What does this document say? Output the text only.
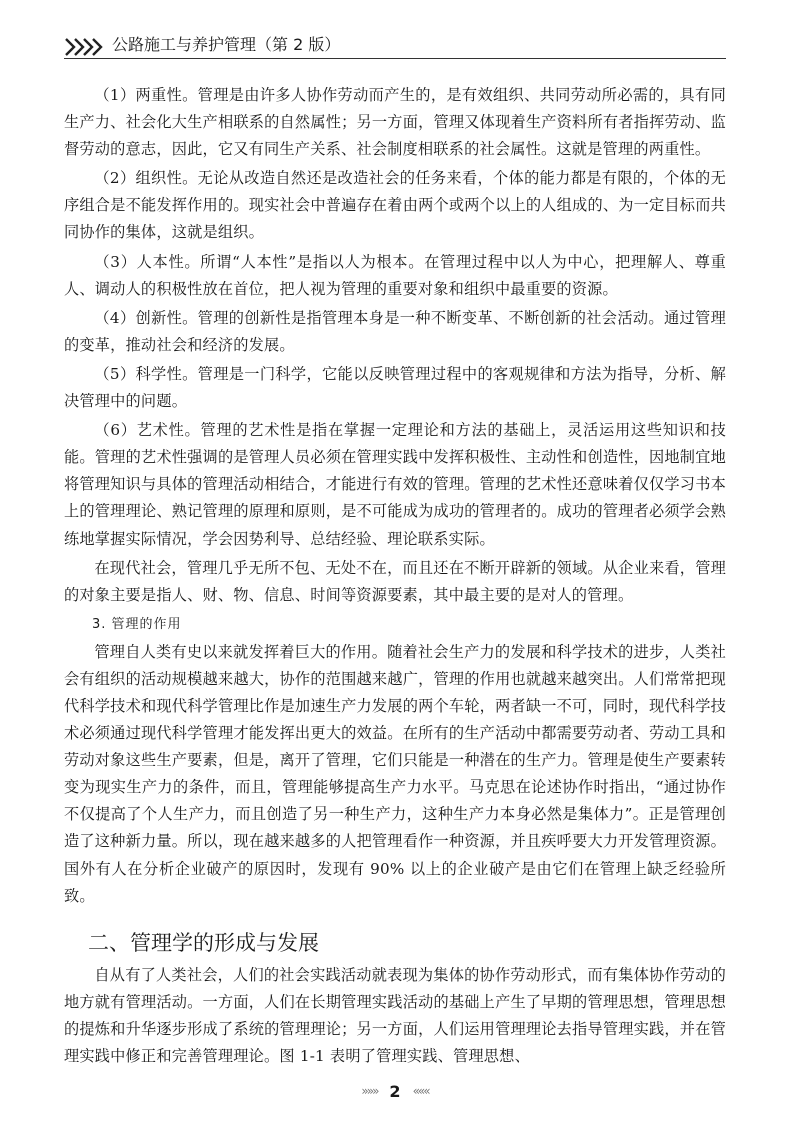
公路施工与养护管理（第 2 版）

（1）两重性。管理是由许多人协作劳动而产生的，是有效组织、共同劳动所必需的，具有同生产力、社会化大生产相联系的自然属性；另一方面，管理又体现着生产资料所有者指挥劳动、监督劳动的意志，因此，它又有同生产关系、社会制度相联系的社会属性。这就是管理的两重性。

（2）组织性。无论从改造自然还是改造社会的任务来看，个体的能力都是有限的，个体的无序组合是不能发挥作用的。现实社会中普遍存在着由两个或两个以上的人组成的、为一定目标而共同协作的集体，这就是组织。

（3）人本性。所谓“人本性”是指以人为根本。在管理过程中以人为中心，把理解人、尊重人、调动人的积极性放在首位，把人视为管理的重要对象和组织中最重要的资源。

（4）创新性。管理的创新性是指管理本身是一种不断变革、不断创新的社会活动。通过管理的变革，推动社会和经济的发展。

（5）科学性。管理是一门科学，它能以反映管理过程中的客观规律和方法为指导，分析、解决管理中的问题。

（6）艺术性。管理的艺术性是指在掌握一定理论和方法的基础上，灵活运用这些知识和技能。管理的艺术性强调的是管理人员必须在管理实践中发挥积极性、主动性和创造性，因地制宜地将管理知识与具体的管理活动相结合，才能进行有效的管理。管理的艺术性还意味着仅仅学习书本上的管理理论、熟记管理的原理和原则，是不可能成为成功的管理者的。成功的管理者必须学会熟练地掌握实际情况，学会因势利导、总结经验、理论联系实际。

在现代社会，管理几乎无所不包、无处不在，而且还在不断开辟新的领域。从企业来看，管理的对象主要是指人、财、物、信息、时间等资源要素，其中最主要的是对人的管理。

3. 管理的作用

管理自人类有史以来就发挥着巨大的作用。随着社会生产力的发展和科学技术的进步，人类社会有组织的活动规模越来越大，协作的范围越来越广，管理的作用也就越来越突出。人们常常把现代科学技术和现代科学管理比作是加速生产力发展的两个车轮，两者缺一不可，同时，现代科学技术必须通过现代科学管理才能发挥出更大的效益。在所有的生产活动中都需要劳动者、劳动工具和劳动对象这些生产要素，但是，离开了管理，它们只能是一种潜在的生产力。管理是使生产要素转变为现实生产力的条件，而且，管理能够提高生产力水平。马克思在论述协作时指出，“通过协作不仅提高了个人生产力，而且创造了另一种生产力，这种生产力本身必然是集体力”。正是管理创造了这种新力量。所以，现在越来越多的人把管理看作一种资源，并且疾呼要大力开发管理资源。国外有人在分析企业破产的原因时，发现有 90% 以上的企业破产是由它们在管理上缺乏经验所致。

二、管理学的形成与发展

自从有了人类社会，人们的社会实践活动就表现为集体的协作劳动形式，而有集体协作劳动的地方就有管理活动。一方面，人们在长期管理实践活动的基础上产生了早期的管理思想，管理思想的提炼和升华逐步形成了系统的管理理论；另一方面，人们运用管理理论去指导管理实践，并在管理实践中修正和完善管理理论。图 1-1 表明了管理实践、管理思想、

»»» 2 «««
